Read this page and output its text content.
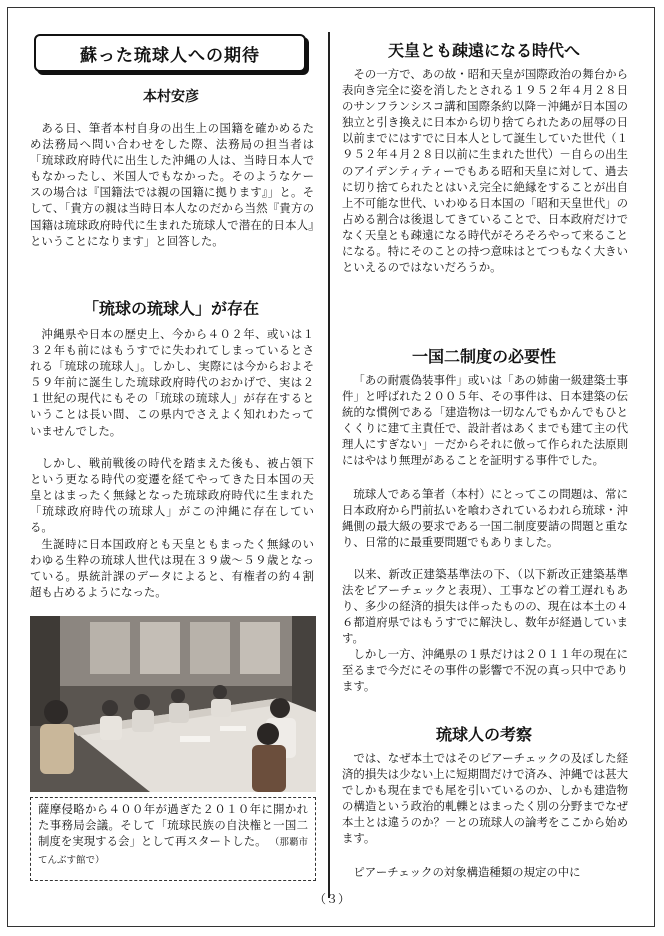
蘇った琉球人への期待
本村安彦

ある日、筆者本村自身の出生上の国籍を確かめるため法務局へ問い合わせをした際、法務局の担当者は「琉球政府時代に出生した沖縄の人は、当時日本人でもなかったし、米国人でもなかった。そのようなケースの場合は『国籍法では親の国籍に拠ります』」と。そして、「貴方の親は当時日本人なのだから当然『貴方の国籍は琉球政府時代に生まれた琉球人で潜在的日本人』ということになります」と回答した。

「琉球の琉球人」が存在

沖縄県や日本の歴史上、今から４０２年、或いは１３２年も前にはもうすでに失われてしまっているとされる「琉球の琉球人」。しかし、実際には今からおよそ５９年前に誕生した琉球政府時代のおかげで、実は２１世紀の現代にもその「琉球の琉球人」が存在するということは長い間、この県内でさえよく知れわたっていませんでした。

しかし、戦前戦後の時代を踏まえた後も、被占領下という更なる時代の変遷を経てやってきた日本国の天皇とはまったく無縁となった琉球政府時代に生まれた「琉球政府時代の琉球人」がこの沖縄に存在している。

生誕時に日本国政府とも天皇ともまったく無縁のいわゆる生粋の琉球人世代は現在３９歳〜５９歳となっている。県統計課のデータによると、有権者の約４割超も占めるようになった。

薩摩侵略から４００年が過ぎた２０１０年に開かれた事務局会議。そして「琉球民族の自決権と一国二制度を実現する会」として再スタートした。 （那覇市てんぶす館で）
天皇とも疎遠になる時代へ

その一方で、あの故・昭和天皇が国際政治の舞台から表向き完全に姿を消したとされる１９５２年４月２８日のサンフランシスコ講和国際条約以降－沖縄が日本国の独立と引き換えに日本から切り捨てられたあの屈辱の日以前までにはすでに日本人として誕生していた世代（１９５２年４月２８日以前に生まれた世代）－自らの出生のアイデンティティーでもある昭和天皇に対して、過去に切り捨てられたとはいえ完全に絶縁をすることが出自上不可能な世代、いわゆる日本国の「昭和天皇世代」の占める割合は後退してきていることで、日本政府だけでなく天皇とも疎遠になる時代がそろそろやって来ることになる。特にそのことの持つ意味はとてつもなく大きいといえるのではないだろうか。

一国二制度の必要性

「あの耐震偽装事件」或いは「あの姉歯一級建築士事件」と呼ばれた２００５年、その事件は、日本建築の伝統的な慣例である「建造物は一切なんでもかんでもひとくくりに建て主責任で、設計者はあくまでも建て主の代理人にすぎない」－だからそれに倣って作られた法原則にはやはり無理があることを証明する事件でした。

琉球人である筆者（本村）にとってこの問題は、常に日本政府から門前払いを喰わされているわれら琉球・沖縄側の最大級の要求である一国二制度要請の問題と重なり、日常的に最重要問題でもありました。

以来、新改正建築基準法の下、（以下新改正建築基準法をピアーチェックと表現）、工事などの着工遅れもあり、多少の経済的損失は伴ったものの、現在は本土の４６都道府県ではもうすでに解決し、数年が経過しています。

しかし一方、沖縄県の１県だけは２０１１年の現在に至るまで今だにその事件の影響で不況の真っ只中であります。

琉球人の考察

では、なぜ本土ではそのピアーチェックの及ぼした経済的損失は少ない上に短期間だけで済み、沖縄では甚大でしかも現在までも尾を引いているのか、しかも建造物の構造という政治的軋轢とはまったく別の分野までなぜ本土とは違うのか？－との琉球人の論考をここから始めます。

ピアーチェックの対象構造種類の規定の中に

（３）
